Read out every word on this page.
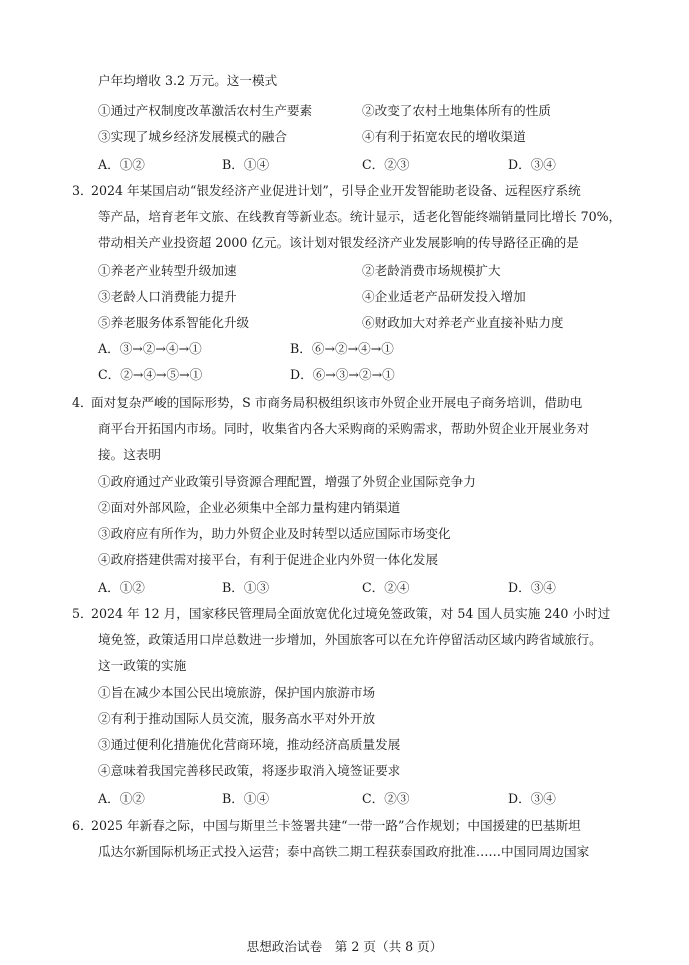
户年均增收 3.2 万元。这一模式
①通过产权制度改革激活农村生产要素	②改变了农村土地集体所有的性质
③实现了城乡经济发展模式的融合	④有利于拓宽农民的增收渠道
A．①②	B．①④	C．②③	D．③④
3．
2024 年某国启动“银发经济产业促进计划”，引导企业开发智能助老设备、远程医疗系统
等产品，培育老年文旅、在线教育等新业态。统计显示，适老化智能终端销量同比增长 70%，
带动相关产业投资超 2000 亿元。该计划对银发经济产业发展影响的传导路径正确的是
①养老产业转型升级加速	②老龄消费市场规模扩大
③老龄人口消费能力提升	④企业适老产品研发投入增加
⑤养老服务体系智能化升级	⑥财政加大对养老产业直接补贴力度
A．③→②→④→①	B．⑥→②→④→①
C．②→④→⑤→①	D．⑥→③→②→①
4．
面对复杂严峻的国际形势，S 市商务局积极组织该市外贸企业开展电子商务培训，借助电
商平台开拓国内市场。同时，收集省内各大采购商的采购需求，帮助外贸企业开展业务对
接。这表明
①政府通过产业政策引导资源合理配置，增强了外贸企业国际竞争力
②面对外部风险，企业必须集中全部力量构建内销渠道
③政府应有所作为，助力外贸企业及时转型以适应国际市场变化
④政府搭建供需对接平台，有利于促进企业内外贸一体化发展
A．①②	B．①③	C．②④	D．③④
5．
2024 年 12 月，国家移民管理局全面放宽优化过境免签政策，对 54 国人员实施 240 小时过
境免签，政策适用口岸总数进一步增加，外国旅客可以在允许停留活动区域内跨省域旅行。
这一政策的实施
①旨在减少本国公民出境旅游，保护国内旅游市场
②有利于推动国际人员交流，服务高水平对外开放
③通过便利化措施优化营商环境，推动经济高质量发展
④意味着我国完善移民政策，将逐步取消入境签证要求
A．①②	B．①④	C．②③	D．③④
6．
2025 年新春之际，中国与斯里兰卡签署共建“一带一路”合作规划；中国援建的巴基斯坦
瓜达尔新国际机场正式投入运营；泰中高铁二期工程获泰国政府批准……中国同周边国家
思想政治试卷　第 2 页（共 8 页）
